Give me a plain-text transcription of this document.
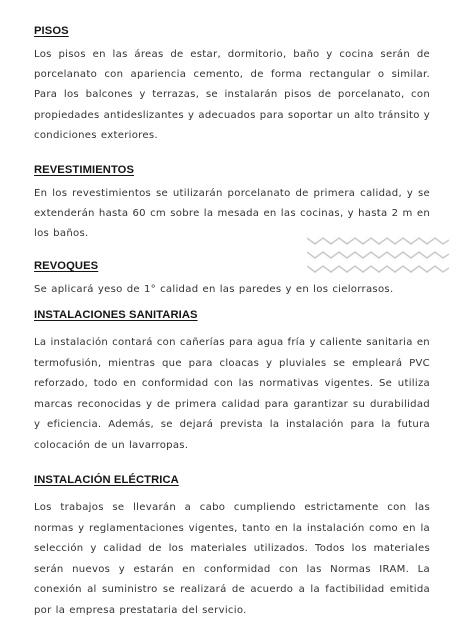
PISOS

Los pisos en las áreas de estar, dormitorio, baño y cocina serán de porcelanato con apariencia cemento, de forma rectangular o similar. Para los balcones y terrazas, se instalarán pisos de porcelanato, con propiedades antideslizantes y adecuados para soportar un alto tránsito y condiciones exteriores.

REVESTIMIENTOS

En los revestimientos se utilizarán porcelanato de primera calidad, y se extenderán hasta 60 cm sobre la mesada en las cocinas, y hasta 2 m en los baños.

REVOQUES

Se aplicará yeso de 1° calidad en las paredes y en los cielorrasos.

INSTALACIONES SANITARIAS

La instalación contará con cañerías para agua fría y caliente sanitaria en termofusión, mientras que para cloacas y pluviales se empleará PVC reforzado, todo en conformidad con las normativas vigentes. Se utiliza marcas reconocidas y de primera calidad para garantizar su durabilidad y eficiencia. Además, se dejará prevista la instalación para la futura colocación de un lavarropas.

INSTALACIÓN ELÉCTRICA

Los trabajos se llevarán a cabo cumpliendo estrictamente con las normas y reglamentaciones vigentes, tanto en la instalación como en la selección y calidad de los materiales utilizados. Todos los materiales serán nuevos y estarán en conformidad con las Normas IRAM. La conexión al suministro se realizará de acuerdo a la factibilidad emitida por la empresa prestataria del servicio.
